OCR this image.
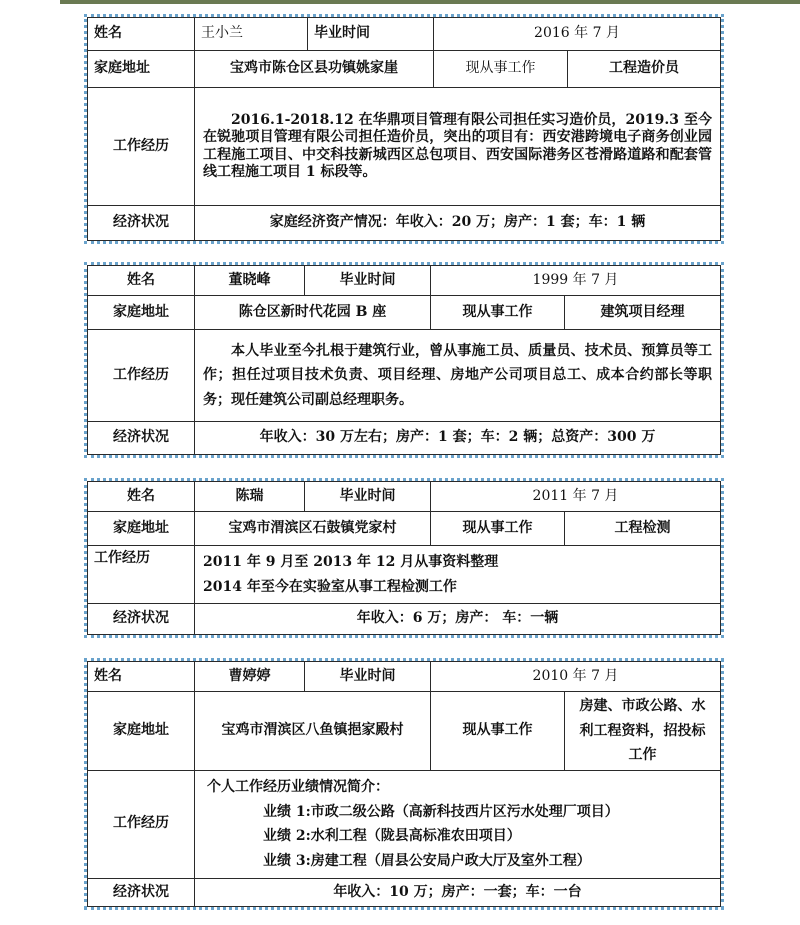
姓名	王小兰	毕业时间	2016 年 7 月	
家庭地址	宝鸡市陈仓区县功镇姚家崖		现从事工作	工程造价员
工作经历	2016.1-2018.12 在华鼎项目管理有限公司担任实习造价员，2019.3 至今在锐驰项目管理有限公司担任造价员，突出的项目有：西安港跨境电子商务创业园工程施工项目、中交科技新城西区总包项目、西安国际港务区苍滑路道路和配套管线工程施工项目 1 标段等。			
经济状况	家庭经济资产情况：年收入：20 万；房产：1 套；车：1 辆			
姓名	董晓峰	毕业时间	1999 年 7 月	
家庭地址	陈仓区新时代花园 B 座		现从事工作	建筑项目经理
工作经历	本人毕业至今扎根于建筑行业，曾从事施工员、质量员、技术员、预算员等工作；担任过项目技术负责、项目经理、房地产公司项目总工、成本合约部长等职务；现任建筑公司副总经理职务。			
经济状况	年收入：30 万左右；房产：1 套；车：2 辆；总资产：300 万			
姓名	陈瑞	毕业时间	2011 年 7 月	
家庭地址	宝鸡市渭滨区石鼓镇党家村		现从事工作	工程检测
工作经历	2011 年 9 月至 2013 年 12 月从事资料整理
2014 年至今在实验室从事工程检测工作			

经济状况	年收入：6 万；房产： 车：一辆			
姓名	曹婷婷	毕业时间	2010 年 7 月	
家庭地址	宝鸡市渭滨区八鱼镇挹家殿村		现从事工作	房建、市政公路、水利工程资料，招投标工作
工作经历	个人工作经历业绩情况简介：
业绩 1:市政二级公路（高新科技西片区污水处理厂项目）
业绩 2:水利工程（陇县高标准农田项目）
业绩 3:房建工程（眉县公安局户政大厅及室外工程）			

经济状况	年收入：10 万；房产：一套；车：一台			
